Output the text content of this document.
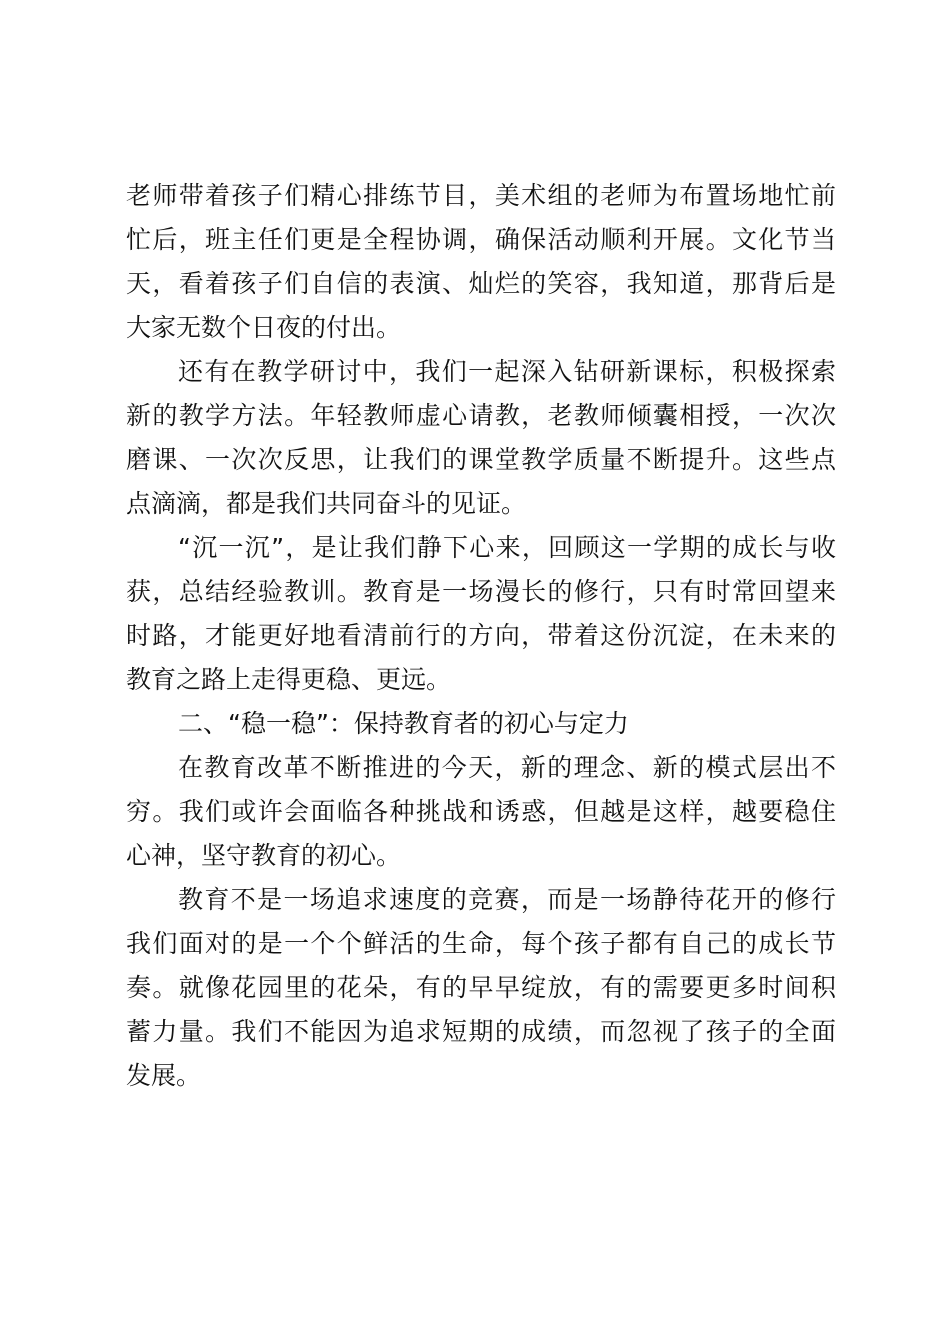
老师带着孩子们精心排练节目，美术组的老师为布置场地忙前
忙后，班主任们更是全程协调，确保活动顺利开展。文化节当
天，看着孩子们自信的表演、灿烂的笑容，我知道，那背后是
大家无数个日夜的付出。
还有在教学研讨中，我们一起深入钻研新课标，积极探索
新的教学方法。年轻教师虚心请教，老教师倾囊相授，一次次
磨课、一次次反思，让我们的课堂教学质量不断提升。这些点
点滴滴，都是我们共同奋斗的见证。
“沉一沉”，是让我们静下心来，回顾这一学期的成长与收
获，总结经验教训。教育是一场漫长的修行，只有时常回望来
时路，才能更好地看清前行的方向，带着这份沉淀，在未来的
教育之路上走得更稳、更远。
二、“稳一稳”：保持教育者的初心与定力
在教育改革不断推进的今天，新的理念、新的模式层出不
穷。我们或许会面临各种挑战和诱惑，但越是这样，越要稳住
心神，坚守教育的初心。
教育不是一场追求速度的竞赛，而是一场静待花开的修行
我们面对的是一个个鲜活的生命，每个孩子都有自己的成长节
奏。就像花园里的花朵，有的早早绽放，有的需要更多时间积
蓄力量。我们不能因为追求短期的成绩，而忽视了孩子的全面
发展。
